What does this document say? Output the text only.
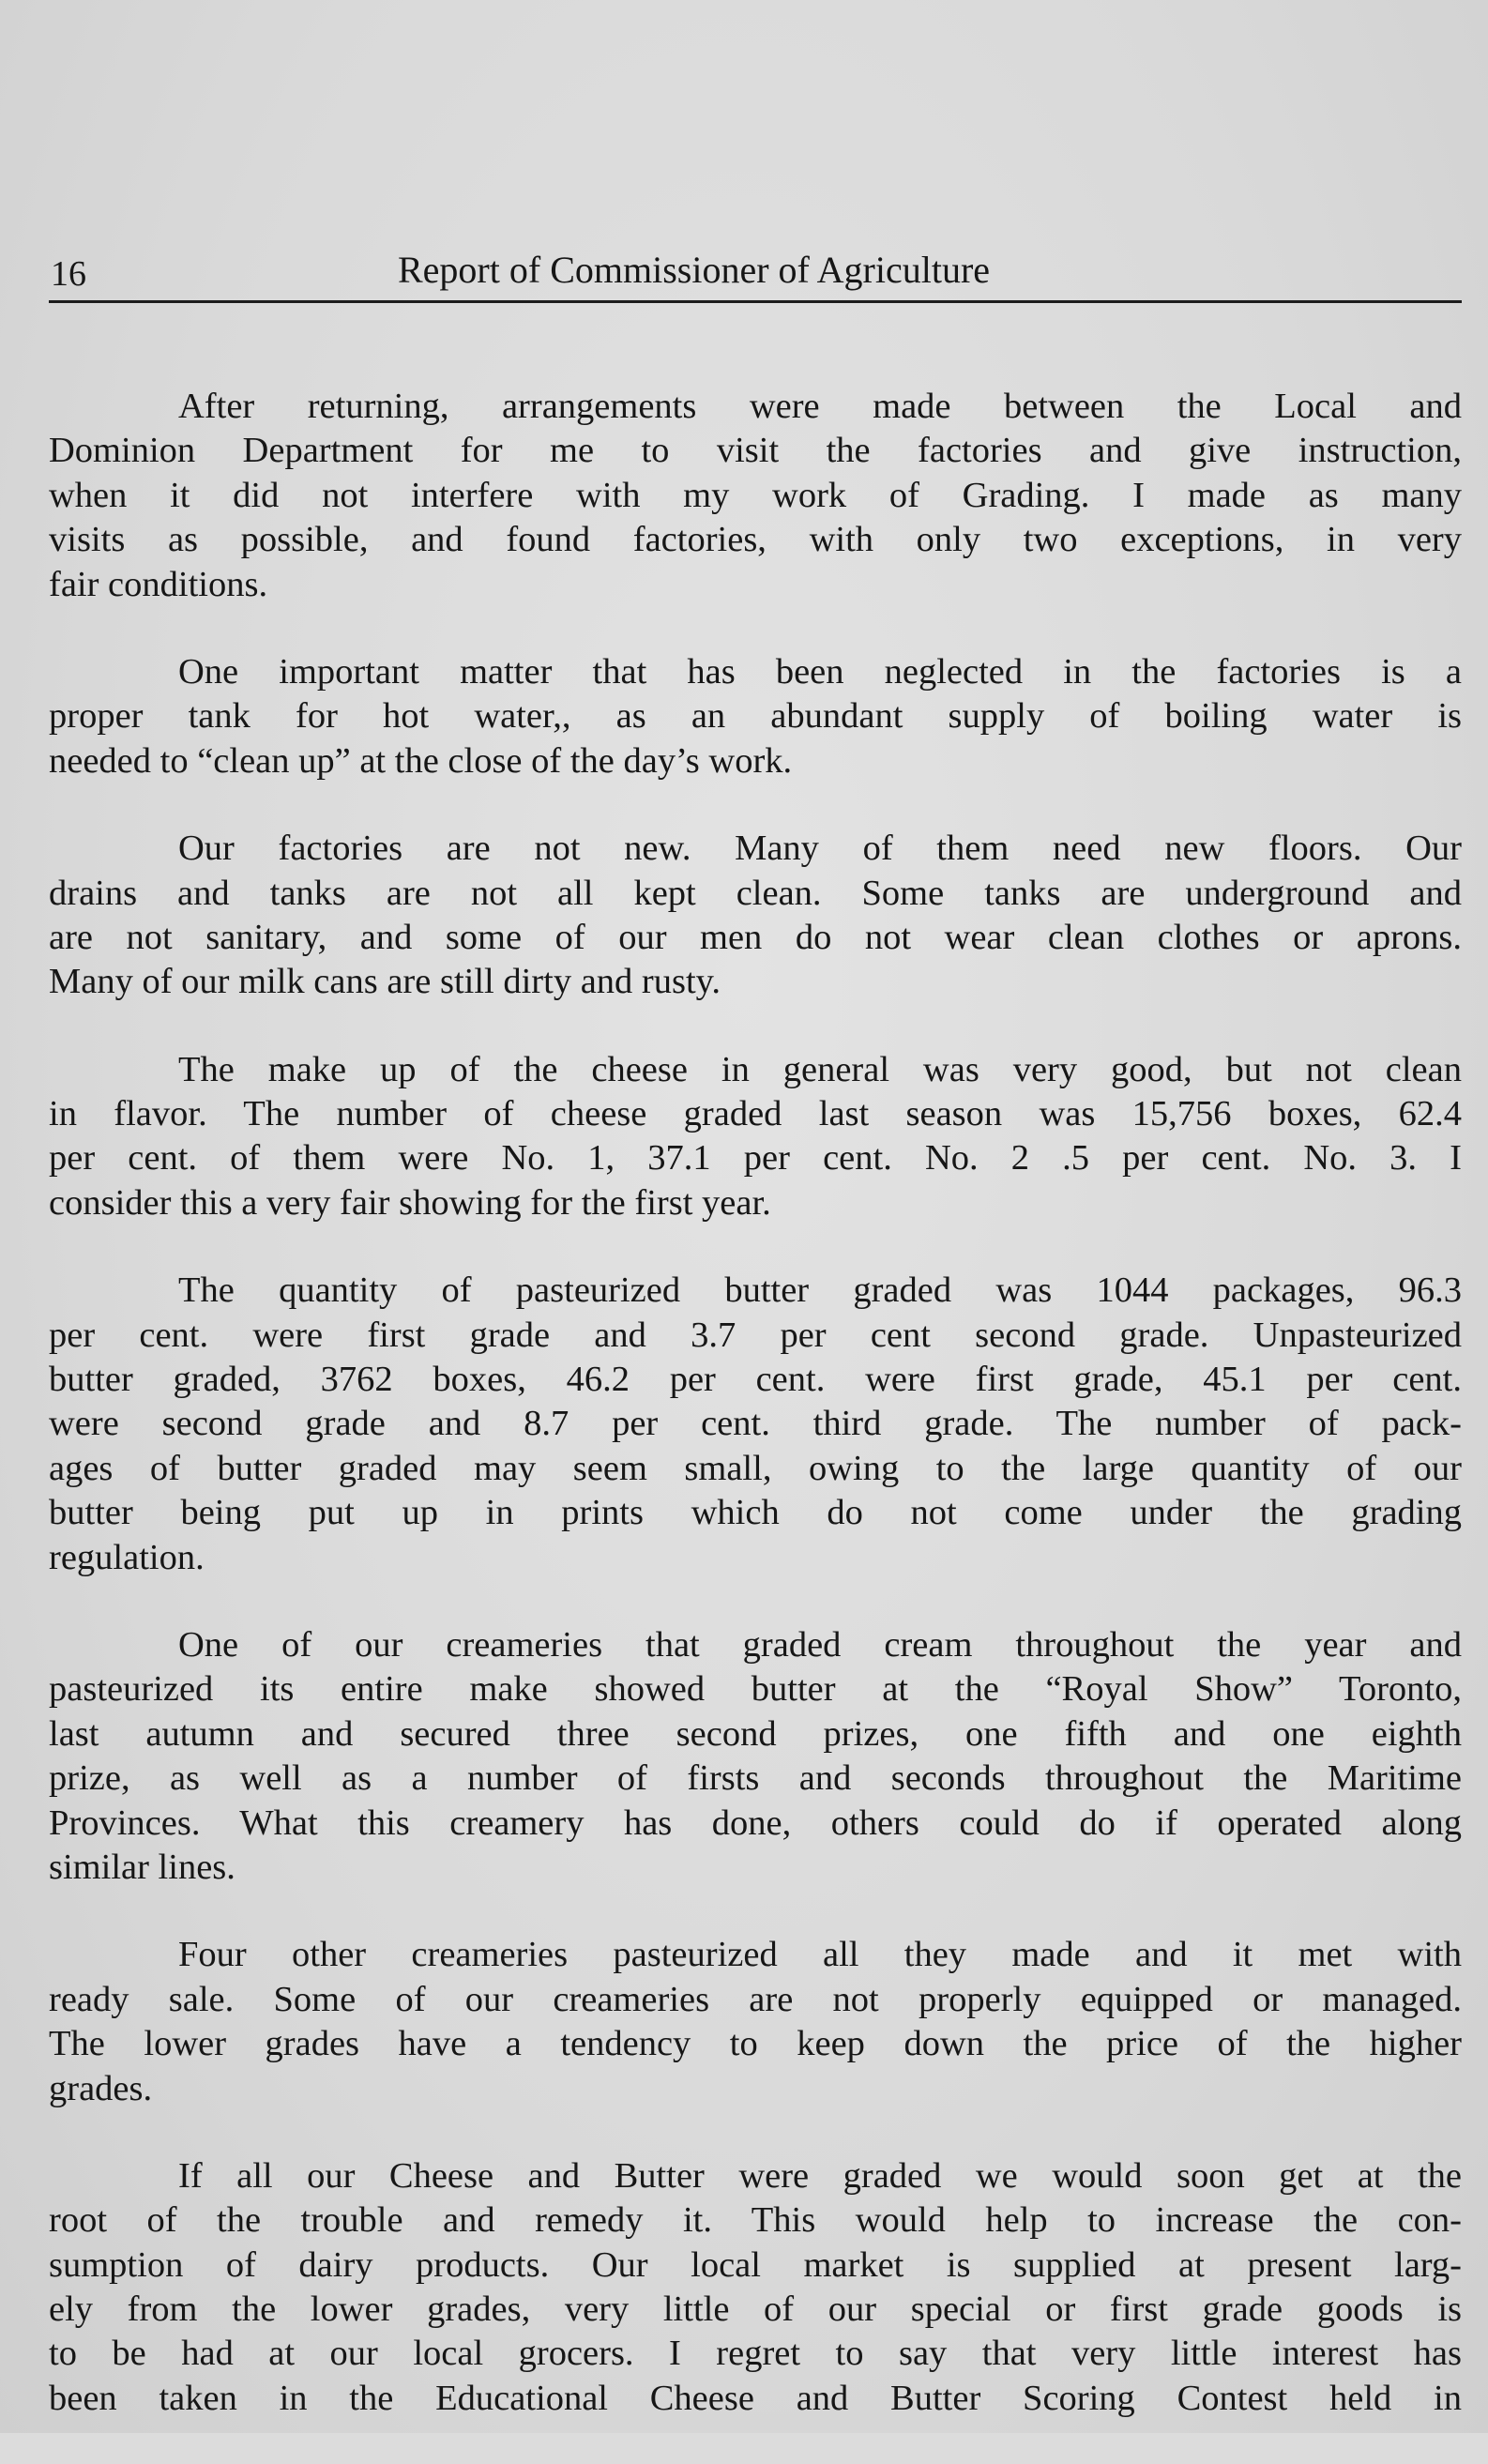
16	Report of Commissioner of Agriculture

After returning, arrangements were made between the Local and
Dominion Department for me to visit the factories and give instruction,
when it did not interfere with my work of Grading. I made as many
visits as possible, and found factories, with only two exceptions, in very
fair conditions.

One important matter that has been neglected in the factories is a
proper tank for hot water,, as an abundant supply of boiling water is
needed to “clean up” at the close of the day’s work.

Our factories are not new. Many of them need new floors. Our
drains and tanks are not all kept clean. Some tanks are underground and
are not sanitary, and some of our men do not wear clean clothes or aprons.
Many of our milk cans are still dirty and rusty.

The make up of the cheese in general was very good, but not clean
in flavor. The number of cheese graded last season was 15,756 boxes, 62.4
per cent. of them were No. 1, 37.1 per cent. No. 2 .5 per cent. No. 3. I
consider this a very fair showing for the first year.

The quantity of pasteurized butter graded was 1044 packages, 96.3
per cent. were first grade and 3.7 per cent second grade. Unpasteurized
butter graded, 3762 boxes, 46.2 per cent. were first grade, 45.1 per cent.
were second grade and 8.7 per cent. third grade. The number of pack-
ages of butter graded may seem small, owing to the large quantity of our
butter being put up in prints which do not come under the grading
regulation.

One of our creameries that graded cream throughout the year and
pasteurized its entire make showed butter at the “Royal Show” Toronto,
last autumn and secured three second prizes, one fifth and one eighth
prize, as well as a number of firsts and seconds throughout the Maritime
Provinces. What this creamery has done, others could do if operated along
similar lines.

Four other creameries pasteurized all they made and it met with
ready sale. Some of our creameries are not properly equipped or managed.
The lower grades have a tendency to keep down the price of the higher
grades.

If all our Cheese and Butter were graded we would soon get at the
root of the trouble and remedy it. This would help to increase the con-
sumption of dairy products. Our local market is supplied at present larg-
ely from the lower grades, very little of our special or first grade goods is
to be had at our local grocers. I regret to say that very little interest has
been taken in the Educational Cheese and Butter Scoring Contest held in
